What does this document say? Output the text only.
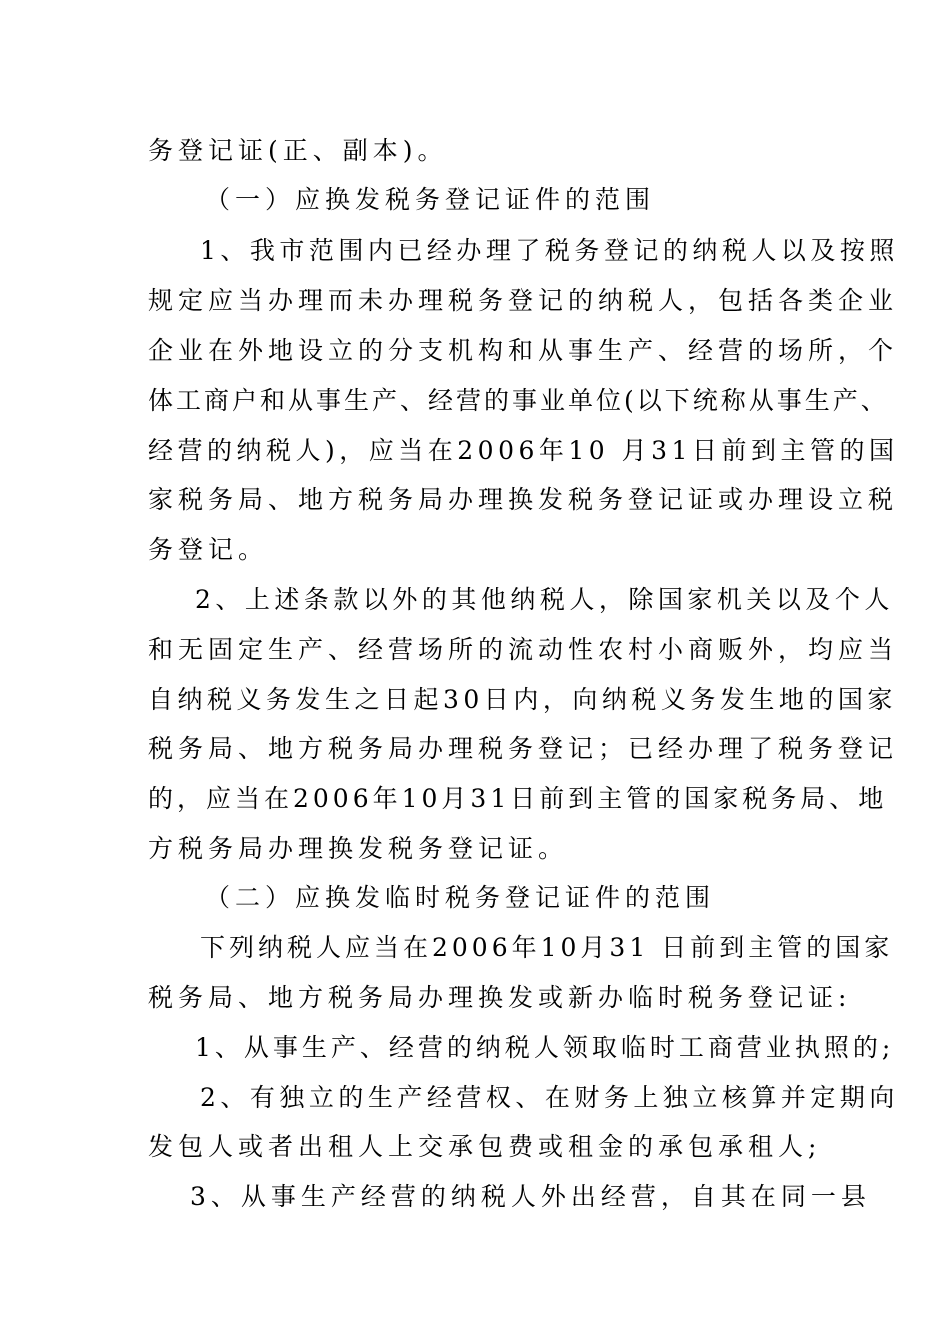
务登记证(正、副本)。
（一）应换发税务登记证件的范围
1、我市范围内已经办理了税务登记的纳税人以及按照
规定应当办理而未办理税务登记的纳税人，包括各类企业
企业在外地设立的分支机构和从事生产、经营的场所，个
体工商户和从事生产、经营的事业单位(以下统称从事生产、
经营的纳税人)，应当在2006年10 月31日前到主管的国
家税务局、地方税务局办理换发税务登记证或办理设立税
务登记。
2、上述条款以外的其他纳税人，除国家机关以及个人
和无固定生产、经营场所的流动性农村小商贩外，均应当
自纳税义务发生之日起30日内，向纳税义务发生地的国家
税务局、地方税务局办理税务登记；已经办理了税务登记
的，应当在2006年10月31日前到主管的国家税务局、地
方税务局办理换发税务登记证。
（二）应换发临时税务登记证件的范围
下列纳税人应当在2006年10月31 日前到主管的国家
税务局、地方税务局办理换发或新办临时税务登记证:
1、从事生产、经营的纳税人领取临时工商营业执照的;
2、有独立的生产经营权、在财务上独立核算并定期向
发包人或者出租人上交承包费或租金的承包承租人;
3、从事生产经营的纳税人外出经营，自其在同一县
